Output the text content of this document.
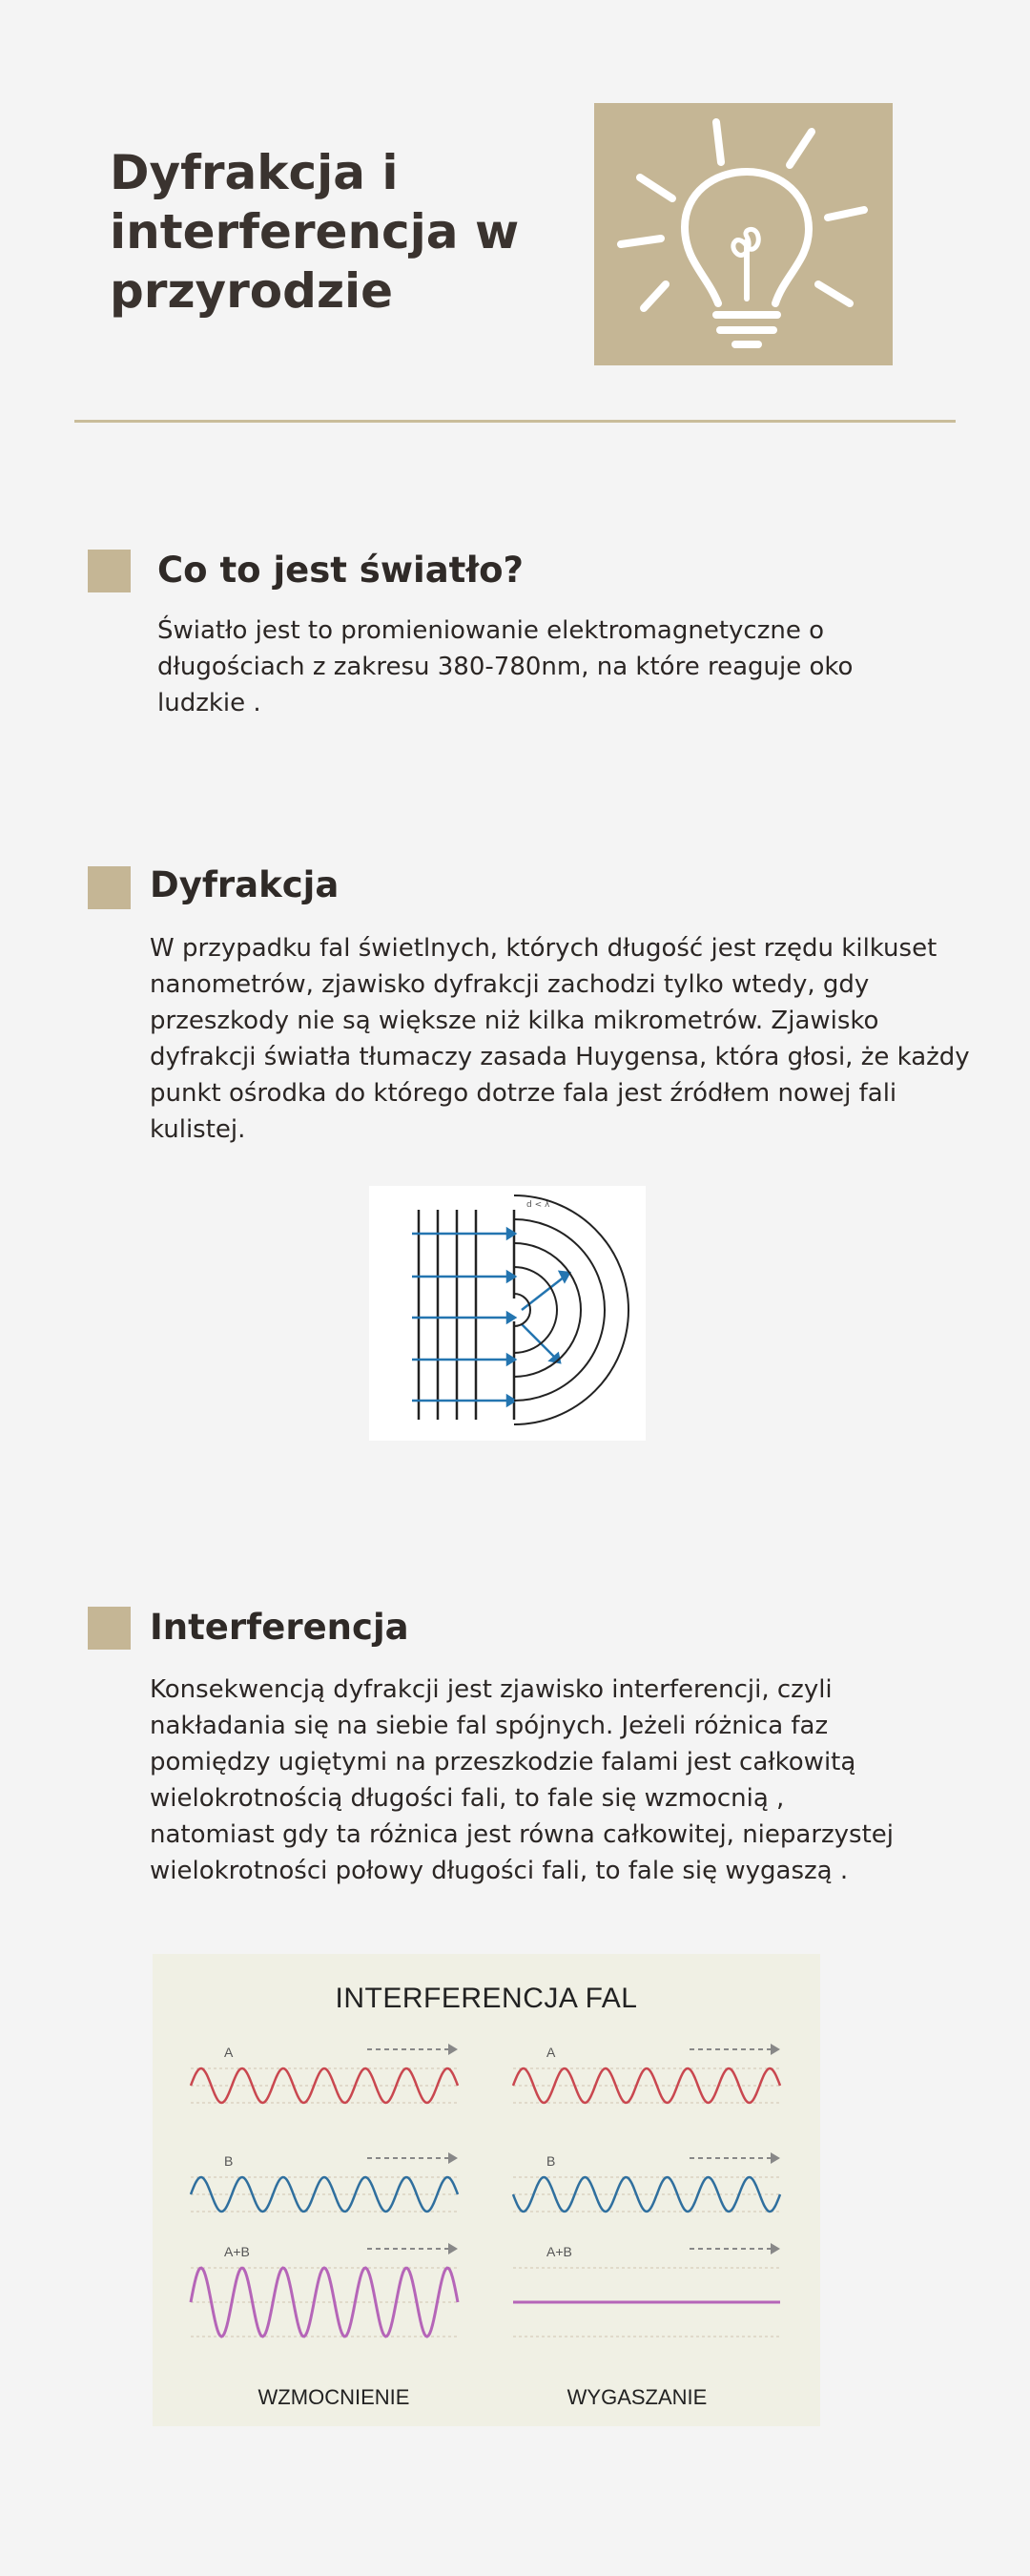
Dyfrakcja i interferencja w przyrodzie
Co to jest światło?

Światło jest to promieniowanie elektromagnetyczne o długościach z zakresu 380-780nm, na które reaguje oko ludzkie .

Dyfrakcja

W przypadku fal świetlnych, których długość jest rzędu kilkuset nanometrów, zjawisko dyfrakcji zachodzi tylko wtedy, gdy przeszkody nie są większe niż kilka mikrometrów. Zjawisko dyfrakcji światła tłumaczy zasada Huygensa, która głosi, że każdy punkt ośrodka do którego dotrze fala jest źródłem nowej fali kulistej.

d < λ
Interferencja

Konsekwencją dyfrakcji jest zjawisko interferencji, czyli nakładania się na siebie fal spójnych. Jeżeli różnica faz pomiędzy ugiętymi na przeszkodzie falami jest całkowitą wielokrotnością długości fali, to fale się wzmocnią , natomiast gdy ta różnica jest równa całkowitej, nieparzystej wielokrotności połowy długości fali, to fale się wygaszą .

INTERFERENCJA FAL
A
B
A+B
A
B
A+B
WZMOCNIENIE	WYGASZANIE
